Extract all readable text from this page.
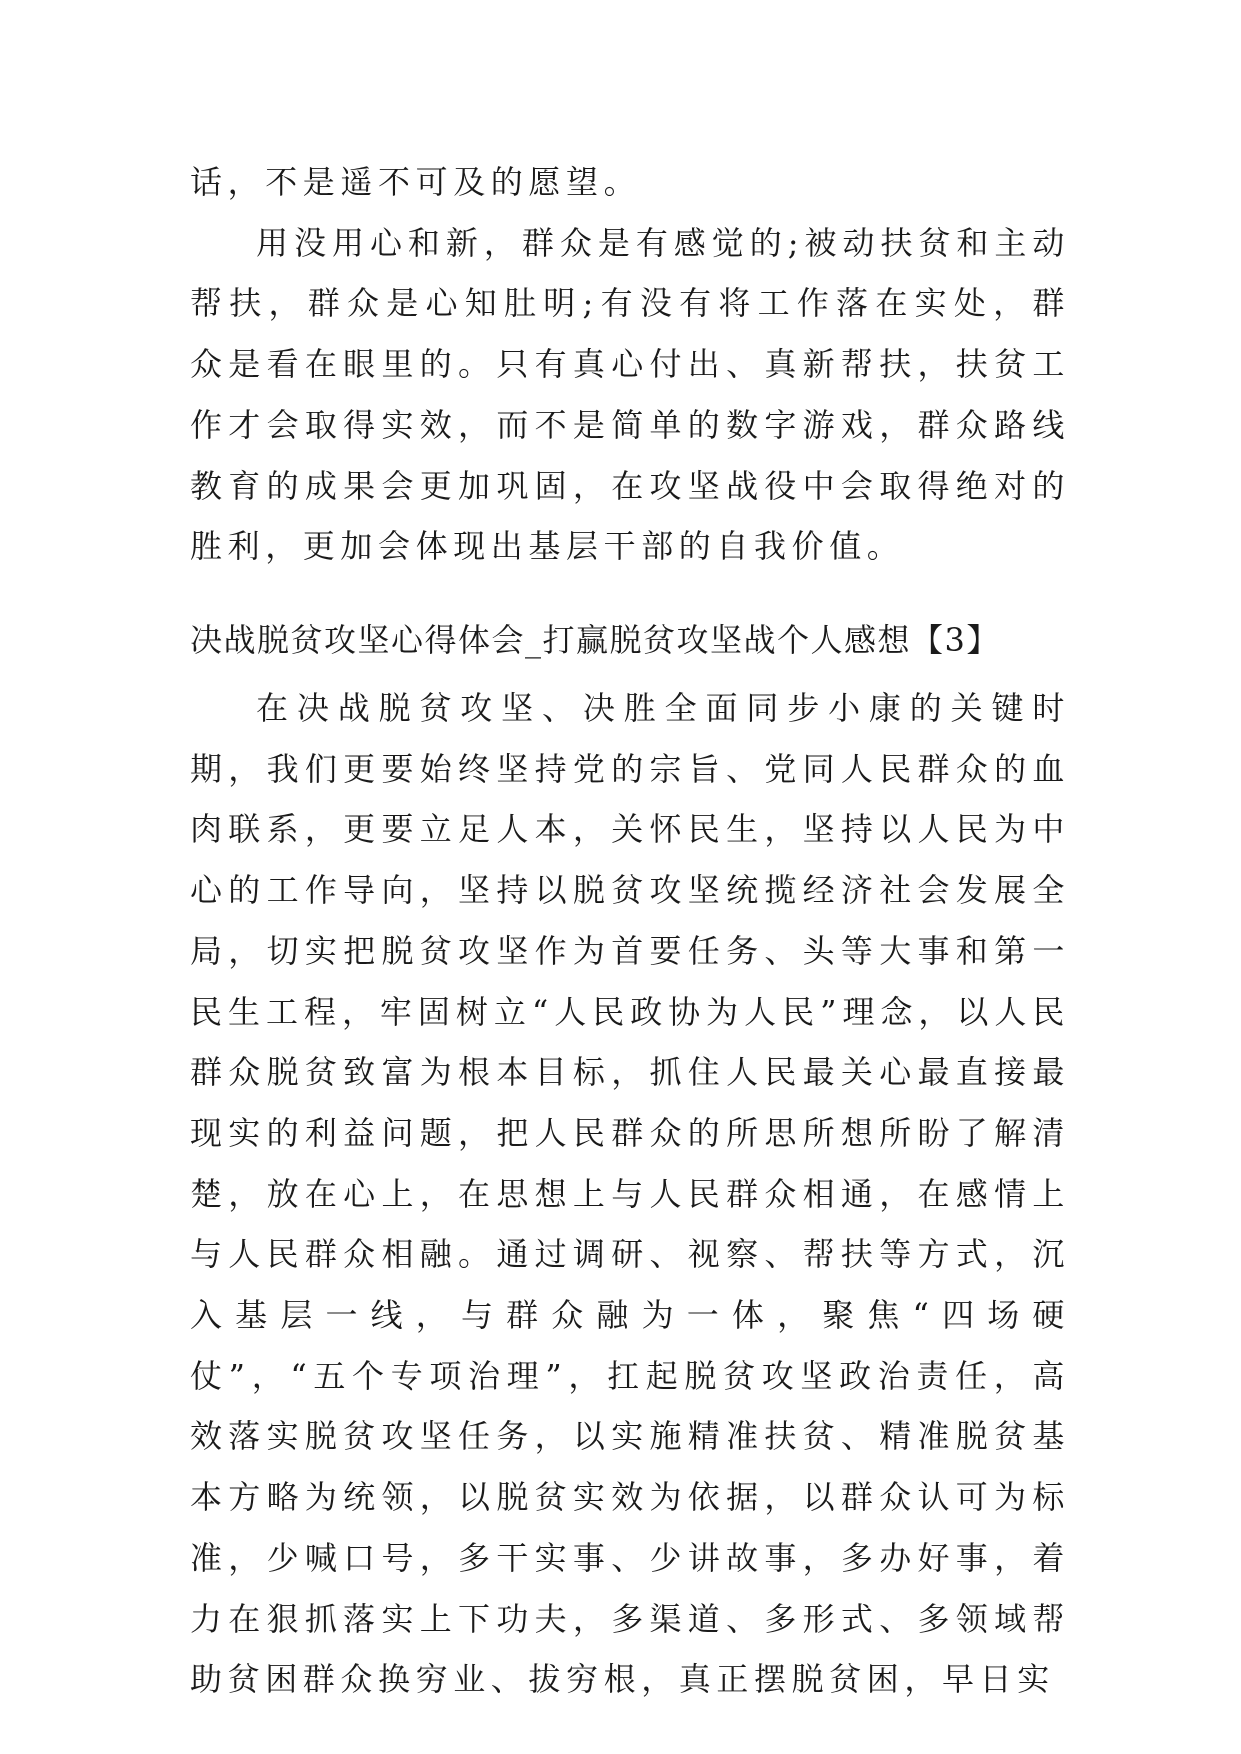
话，不是遥不可及的愿望。
用没用心和新，群众是有感觉的;被动扶贫和主动帮扶，群众是心知肚明;有没有将工作落在实处，群众是看在眼里的。只有真心付出、真新帮扶，扶贫工作才会取得实效，而不是简单的数字游戏，群众路线教育的成果会更加巩固，在攻坚战役中会取得绝对的胜利，更加会体现出基层干部的自我价值。
决战脱贫攻坚心得体会_打赢脱贫攻坚战个人感想【3】
在决战脱贫攻坚、决胜全面同步小康的关键时期，我们更要始终坚持党的宗旨、党同人民群众的血肉联系，更要立足人本，关怀民生，坚持以人民为中心的工作导向，坚持以脱贫攻坚统揽经济社会发展全局，切实把脱贫攻坚作为首要任务、头等大事和第一民生工程，牢固树立“人民政协为人民”理念，以人民群众脱贫致富为根本目标，抓住人民最关心最直接最现实的利益问题，把人民群众的所思所想所盼了解清楚，放在心上，在思想上与人民群众相通，在感情上与人民群众相融。通过调研、视察、帮扶等方式，沉入基层一线，与群众融为一体，聚焦“四场硬仗”，“五个专项治理”，扛起脱贫攻坚政治责任，高效落实脱贫攻坚任务，以实施精准扶贫、精准脱贫基本方略为统领，以脱贫实效为依据，以群众认可为标准，少喊口号，多干实事、少讲故事，多办好事，着力在狠抓落实上下功夫，多渠道、多形式、多领域帮助贫困群众换穷业、拔穷根，真正摆脱贫困，早日实
